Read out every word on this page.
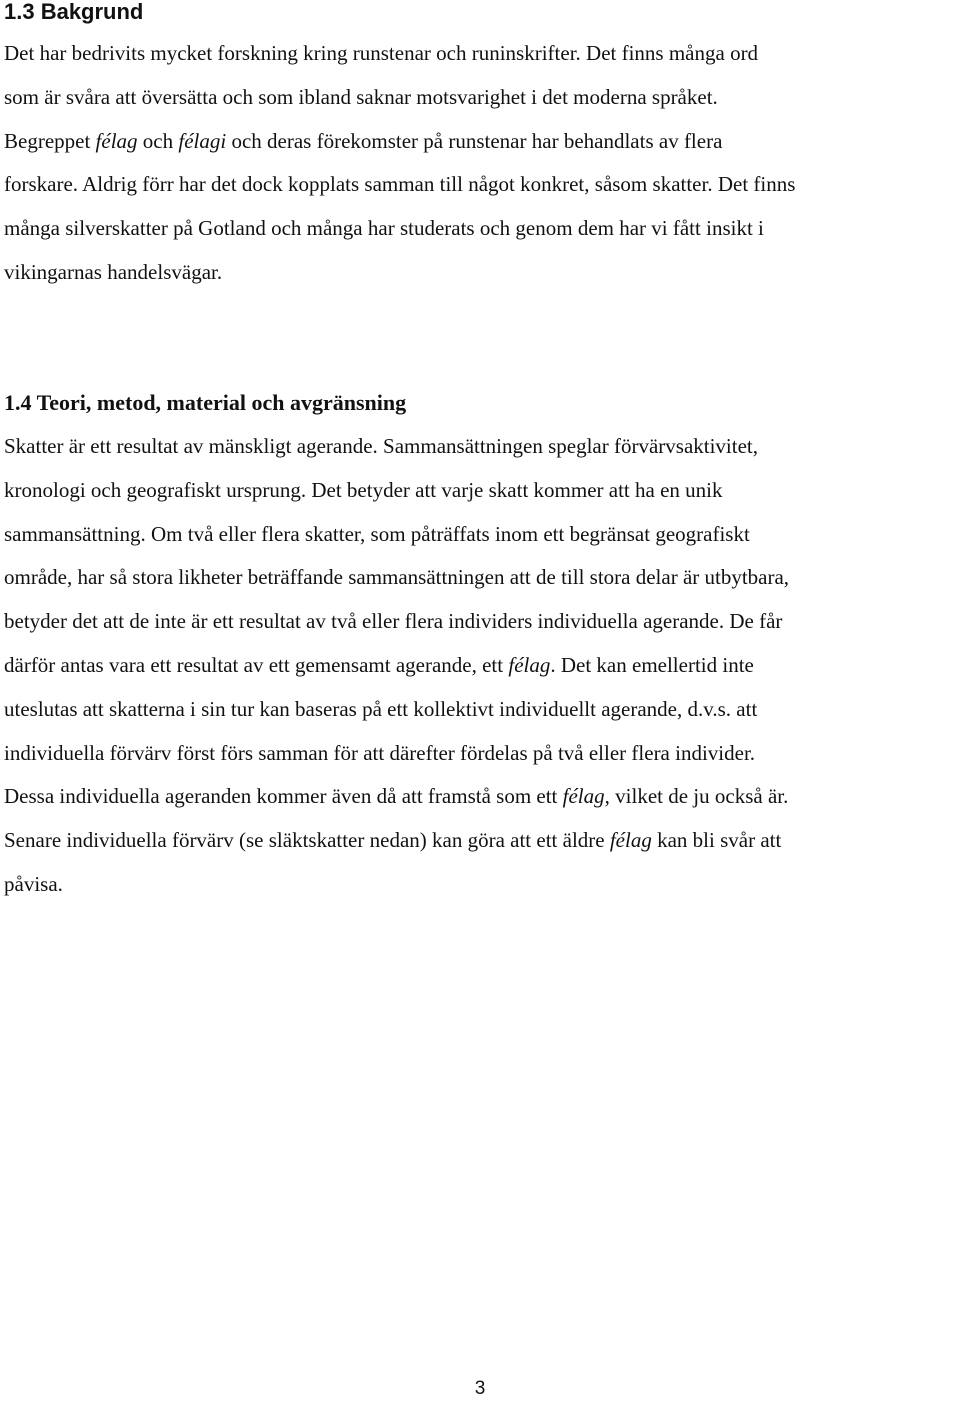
1.3 Bakgrund

Det har bedrivits mycket forskning kring runstenar och runinskrifter. Det finns många ord

som är svåra att översätta och som ibland saknar motsvarighet i det moderna språket.

Begreppet félag och félagi och deras förekomster på runstenar har behandlats av flera

forskare. Aldrig förr har det dock kopplats samman till något konkret, såsom skatter. Det finns

många silverskatter på Gotland och många har studerats och genom dem har vi fått insikt i

vikingarnas handelsvägar.

1.4 Teori, metod, material och avgränsning

Skatter är ett resultat av mänskligt agerande. Sammansättningen speglar förvärvsaktivitet,

kronologi och geografiskt ursprung. Det betyder att varje skatt kommer att ha en unik

sammansättning. Om två eller flera skatter, som påträffats inom ett begränsat geografiskt

område, har så stora likheter beträffande sammansättningen att de till stora delar är utbytbara,

betyder det att de inte är ett resultat av två eller flera individers individuella agerande. De får

därför antas vara ett resultat av ett gemensamt agerande, ett félag. Det kan emellertid inte

uteslutas att skatterna i sin tur kan baseras på ett kollektivt individuellt agerande, d.v.s. att

individuella förvärv först förs samman för att därefter fördelas på två eller flera individer.

Dessa individuella ageranden kommer även då att framstå som ett félag, vilket de ju också är.

Senare individuella förvärv (se släktskatter nedan) kan göra att ett äldre félag kan bli svår att

påvisa.

3
